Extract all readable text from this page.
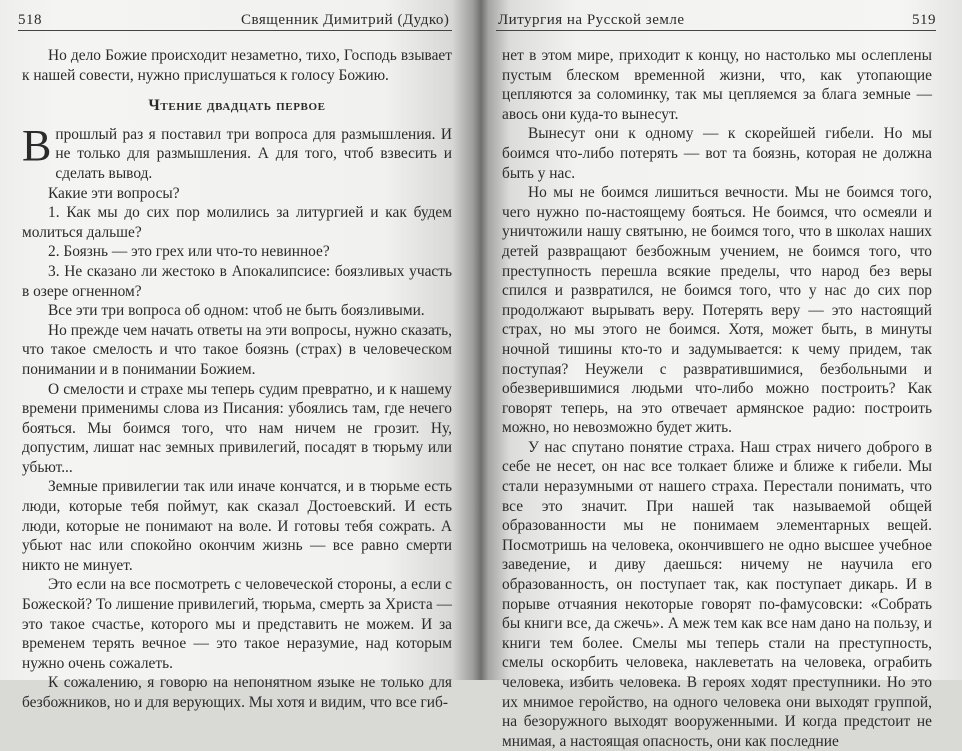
518	Священник Димитрий (Дудко)

Но дело Божие происходит незаметно, тихо, Господь взывает к нашей совести, нужно прислушаться к голосу Божию.

Чтение двадцать первое

Впрошлый раз я поставил три вопроса для размышления. И не только для размышления. А для того, чтоб взвесить и сделать вывод.

Какие эти вопросы?

1. Как мы до сих пор молились за литургией и как будем молиться дальше?

2. Боязнь — это грех или что-то невинное?

3. Не сказано ли жестоко в Апокалипсисе: боязливых участь в озере огненном?

Все эти три вопроса об одном: чтоб не быть боязливыми.

Но прежде чем начать ответы на эти вопросы, нужно сказать, что такое смелость и что такое боязнь (страх) в человеческом понимании и в понимании Божием.

О смелости и страхе мы теперь судим превратно, и к нашему времени применимы слова из Писания: убоялись там, где нечего бояться. Мы боимся того, что нам ничем не грозит. Ну, допустим, лишат нас земных привилегий, посадят в тюрьму или убьют...

Земные привилегии так или иначе кончатся, и в тюрьме есть люди, которые тебя поймут, как сказал Достоевский. И есть люди, которые не понимают на воле. И готовы тебя сожрать. А убьют нас или спокойно окончим жизнь — все равно смерти никто не минует.

Это если на все посмотреть с человеческой стороны, а если с Божеской? То лишение привилегий, тюрьма, смерть за Христа — это такое счастье, которого мы и представить не можем. И за временем терять вечное — это такое неразумие, над которым нужно очень сожалеть.

К сожалению, я говорю на непонятном языке не только для безбожников, но и для верующих. Мы хотя и видим, что все гиб-

Литургия на Русской земле	519

нет в этом мире, приходит к концу, но настолько мы ослеплены пустым блеском временной жизни, что, как утопающие цепляются за соломинку, так мы цепляемся за блага земные — авось они куда-то вынесут.

Вынесут они к одному — к скорейшей гибели. Но мы боимся что-либо потерять — вот та боязнь, которая не должна быть у нас.

Но мы не боимся лишиться вечности. Мы не боимся того, чего нужно по-настоящему бояться. Не боимся, что осмеяли и уничтожили нашу святыню, не боимся того, что в школах наших детей развращают безбожным учением, не боимся того, что преступность перешла всякие пределы, что народ без веры спился и развратился, не боимся того, что у нас до сих пор продолжают вырывать веру. Потерять веру — это настоящий страх, но мы этого не боимся. Хотя, может быть, в минуты ночной тишины кто-то и задумывается: к чему придем, так поступая? Неужели с развратившимися, безбольными и обезверившимися людьми что-либо можно построить? Как говорят теперь, на это отвечает армянское радио: построить можно, но невозможно будет жить.

У нас спутано понятие страха. Наш страх ничего доброго в себе не несет, он нас все толкает ближе и ближе к гибели. Мы стали неразумными от нашего страха. Перестали понимать, что все это значит. При нашей так называемой общей образованности мы не понимаем элементарных вещей. Посмотришь на человека, окончившего не одно высшее учебное заведение, и диву даешься: ничему не научила его образованность, он поступает так, как поступает дикарь. И в порыве отчаяния некоторые говорят по-фамусовски: «Собрать бы книги все, да сжечь». А меж тем как все нам дано на пользу, и книги тем более. Смелы мы теперь стали на преступность, смелы оскорбить человека, наклеветать на человека, ограбить человека, избить человека. В героях ходят преступники. Но это их мнимое геройство, на одного человека они выходят группой, на безоружного выходят вооруженными. И когда предстоит не мнимая, а настоящая опасность, они как последние
